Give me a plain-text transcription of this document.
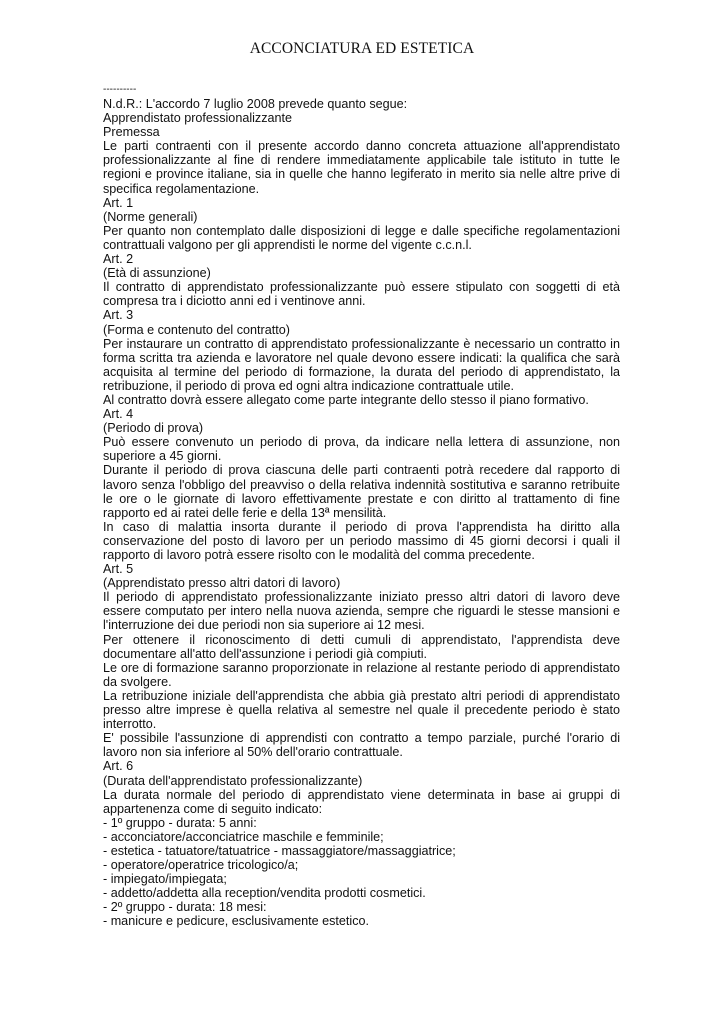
ACCONCIATURA ED ESTETICA

----------

N.d.R.: L'accordo 7 luglio 2008 prevede quanto segue:

Apprendistato professionalizzante

Premessa

Le parti contraenti con il presente accordo danno concreta attuazione all'apprendistato professionalizzante al fine di rendere immediatamente applicabile tale istituto in tutte le regioni e province italiane, sia in quelle che hanno legiferato in merito sia nelle altre prive di specifica regolamentazione.

Art. 1

(Norme generali)

Per quanto non contemplato dalle disposizioni di legge e dalle specifiche regolamentazioni contrattuali valgono per gli apprendisti le norme del vigente c.c.n.l.

Art. 2

(Età di assunzione)

Il contratto di apprendistato professionalizzante può essere stipulato con soggetti di età compresa tra i diciotto anni ed i ventinove anni.

Art. 3

(Forma e contenuto del contratto)

Per instaurare un contratto di apprendistato professionalizzante è necessario un contratto in forma scritta tra azienda e lavoratore nel quale devono essere indicati: la qualifica che sarà acquisita al termine del periodo di formazione, la durata del periodo di apprendistato, la retribuzione, il periodo di prova ed ogni altra indicazione contrattuale utile.

Al contratto dovrà essere allegato come parte integrante dello stesso il piano formativo.

Art. 4

(Periodo di prova)

Può essere convenuto un periodo di prova, da indicare nella lettera di assunzione, non superiore a 45 giorni.

Durante il periodo di prova ciascuna delle parti contraenti potrà recedere dal rapporto di lavoro senza l'obbligo del preavviso o della relativa indennità sostitutiva e saranno retribuite le ore o le giornate di lavoro effettivamente prestate e con diritto al trattamento di fine rapporto ed ai ratei delle ferie e della 13ª mensilità.

In caso di malattia insorta durante il periodo di prova l'apprendista ha diritto alla conservazione del posto di lavoro per un periodo massimo di 45 giorni decorsi i quali il rapporto di lavoro potrà essere risolto con le modalità del comma precedente.

Art. 5

(Apprendistato presso altri datori di lavoro)

Il periodo di apprendistato professionalizzante iniziato presso altri datori di lavoro deve essere computato per intero nella nuova azienda, sempre che riguardi le stesse mansioni e l'interruzione dei due periodi non sia superiore ai 12 mesi.

Per ottenere il riconoscimento di detti cumuli di apprendistato, l'apprendista deve documentare all'atto dell'assunzione i periodi già compiuti.

Le ore di formazione saranno proporzionate in relazione al restante periodo di apprendistato da svolgere.

La retribuzione iniziale dell'apprendista che abbia già prestato altri periodi di apprendistato presso altre imprese è quella relativa al semestre nel quale il precedente periodo è stato interrotto.

E' possibile l'assunzione di apprendisti con contratto a tempo parziale, purché l'orario di lavoro non sia inferiore al 50% dell'orario contrattuale.

Art. 6

(Durata dell'apprendistato professionalizzante)

La durata normale del periodo di apprendistato viene determinata in base ai gruppi di appartenenza come di seguito indicato:

- 1º gruppo - durata: 5 anni:

- acconciatore/acconciatrice maschile e femminile;

- estetica - tatuatore/tatuatrice - massaggiatore/massaggiatrice;

- operatore/operatrice tricologico/a;

- impiegato/impiegata;

- addetto/addetta alla reception/vendita prodotti cosmetici.

- 2º gruppo - durata: 18 mesi:

- manicure e pedicure, esclusivamente estetico.
